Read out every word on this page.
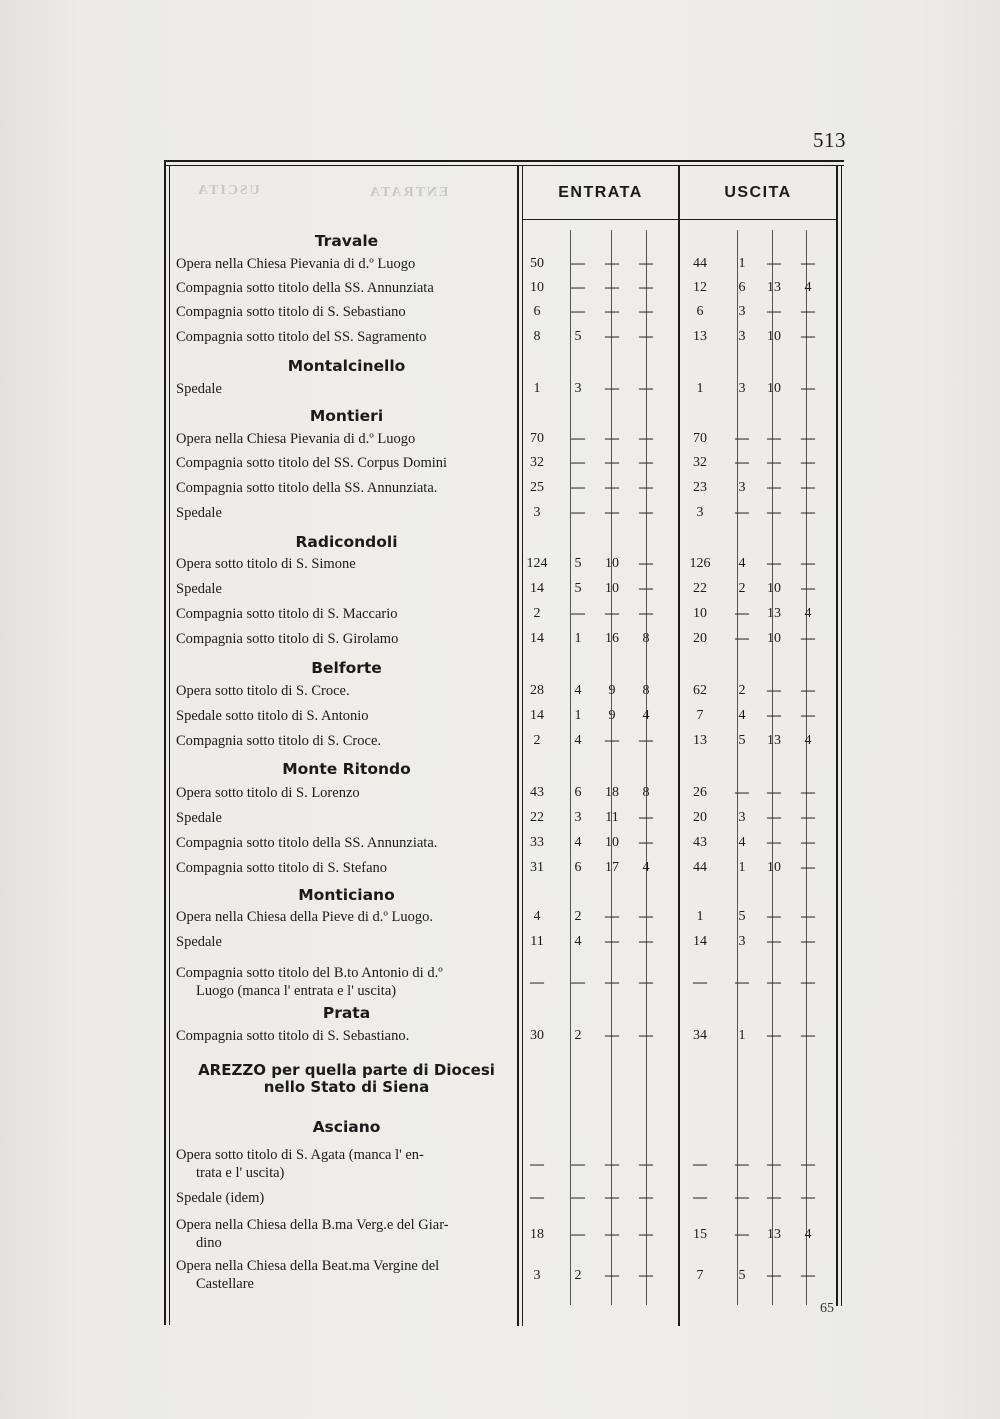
513
USCITA	ENTRATA	ENTRATA	USCITA
Travale
Opera nella Chiesa Pievania di d.º Luogo	50	—	—	—	44	1	—	—
Compagnia sotto titolo della SS. Annunziata	10	—	—	—	12	6	13	4
Compagnia sotto titolo di S. Sebastiano	6	—	—	—	6	3	—	—
Compagnia sotto titolo del SS. Sagramento	8	5	—	—	13	3	10	—
Montalcinello
Spedale	1	3	—	—	1	3	10	—
Montieri
Opera nella Chiesa Pievania di d.º Luogo	70	—	—	—	70	—	—	—
Compagnia sotto titolo del SS. Corpus Domini	32	—	—	—	32	—	—	—
Compagnia sotto titolo della SS. Annunziata.	25	—	—	—	23	3	—	—
Spedale	3	—	—	—	3	—	—	—
Radicondoli
Opera sotto titolo di S. Simone	124	5	10	—	126	4	—	—
Spedale	14	5	10	—	22	2	10	—
Compagnia sotto titolo di S. Maccario	2	—	—	—	10	—	13	4
Compagnia sotto titolo di S. Girolamo	14	1	16	8	20	—	10	—
Belforte
Opera sotto titolo di S. Croce.	28	4	9	8	62	2	—	—
Spedale sotto titolo di S. Antonio	14	1	9	4	7	4	—	—
Compagnia sotto titolo di S. Croce.	2	4	—	—	13	5	13	4
Monte Ritondo
Opera sotto titolo di S. Lorenzo	43	6	18	8	26	—	—	—
Spedale	22	3	11	—	20	3	—	—
Compagnia sotto titolo della SS. Annunziata.	33	4	10	—	43	4	—	—
Compagnia sotto titolo di S. Stefano	31	6	17	4	44	1	10	—
Monticiano
Opera nella Chiesa della Pieve di d.º Luogo.	4	2	—	—	1	5	—	—
Spedale	11	4	—	—	14	3	—	—
Compagnia sotto titolo del B.to Antonio di d.º
Luogo (manca l' entrata e l' uscita)
—	—	—	—	—	—	—	—
Prata
Compagnia sotto titolo di S. Sebastiano.	30	2	—	—	34	1	—	—
AREZZO per quella parte di Diocesi
nello Stato di Siena
Asciano
Opera sotto titolo di S. Agata (manca l' en-
trata e l' uscita)
—	—	—	—	—	—	—	—
Spedale (idem)	—	—	—	—	—	—	—	—
Opera nella Chiesa della B.ma Verg.e del Giar-
dino
18	—	—	—	15	—	13	4
Opera nella Chiesa della Beat.ma Vergine del
Castellare
3	2	—	—	7	5	—	—
65
